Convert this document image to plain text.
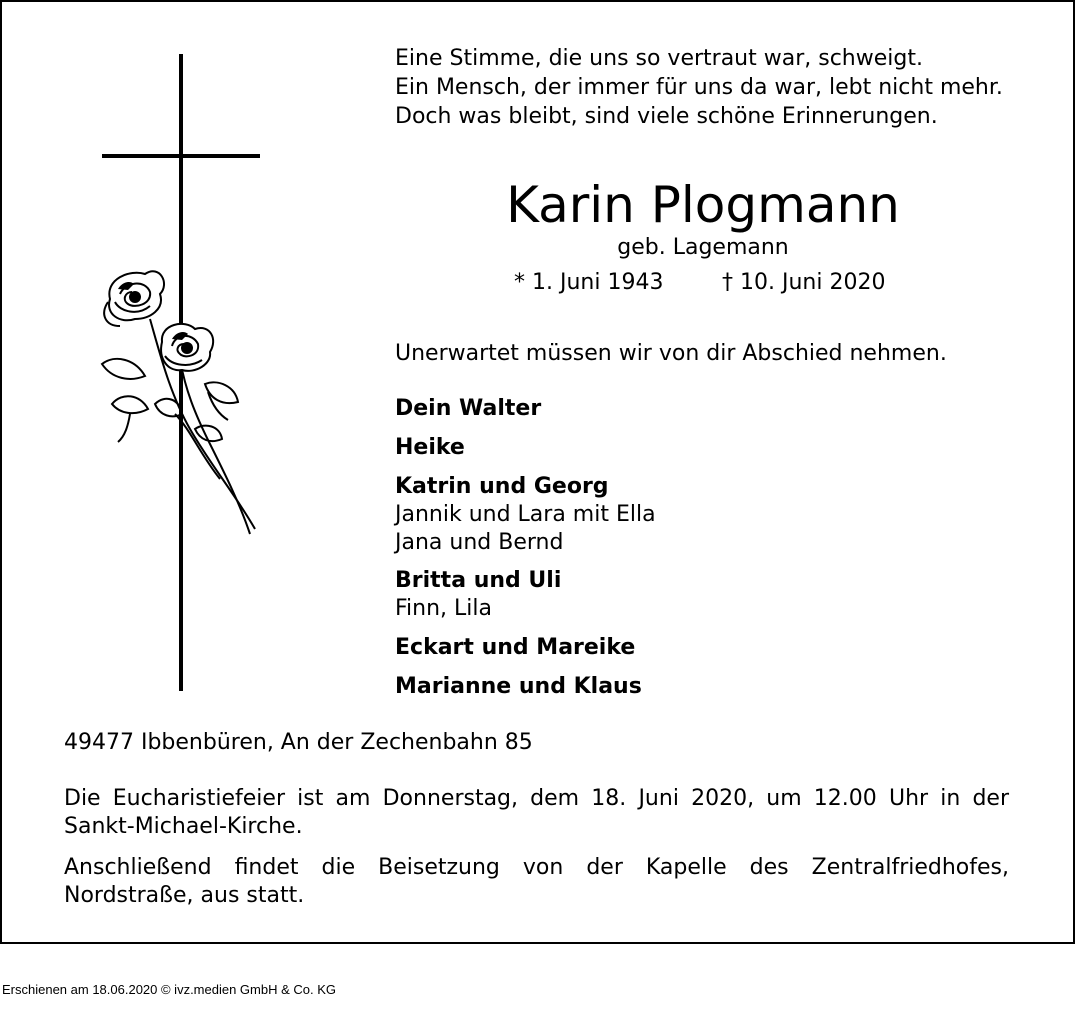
Eine Stimme, die uns so vertraut war, schweigt.
Ein Mensch, der immer für uns da war, lebt nicht mehr.
Doch was bleibt, sind viele schöne Erinnerungen.
Karin Plogmann
geb. Lagemann
* 1. Juni 1943	† 10. Juni 2020
Unerwartet müssen wir von dir Abschied nehmen.
Dein Walter
Heike
Katrin und Georg
Jannik und Lara mit Ella
Jana und Bernd
Britta und Uli
Finn, Lila
Eckart und Mareike
Marianne und Klaus
49477 Ibbenbüren, An der Zechenbahn 85
Die Eucharistiefeier ist am Donnerstag, dem 18. Juni 2020, um 12.00 Uhr in der Sankt-Michael-Kirche.
Anschließend findet die Beisetzung von der Kapelle des Zentralfriedhofes, Nordstraße, aus statt.
Erschienen am 18.06.2020 © ivz.medien GmbH & Co. KG
